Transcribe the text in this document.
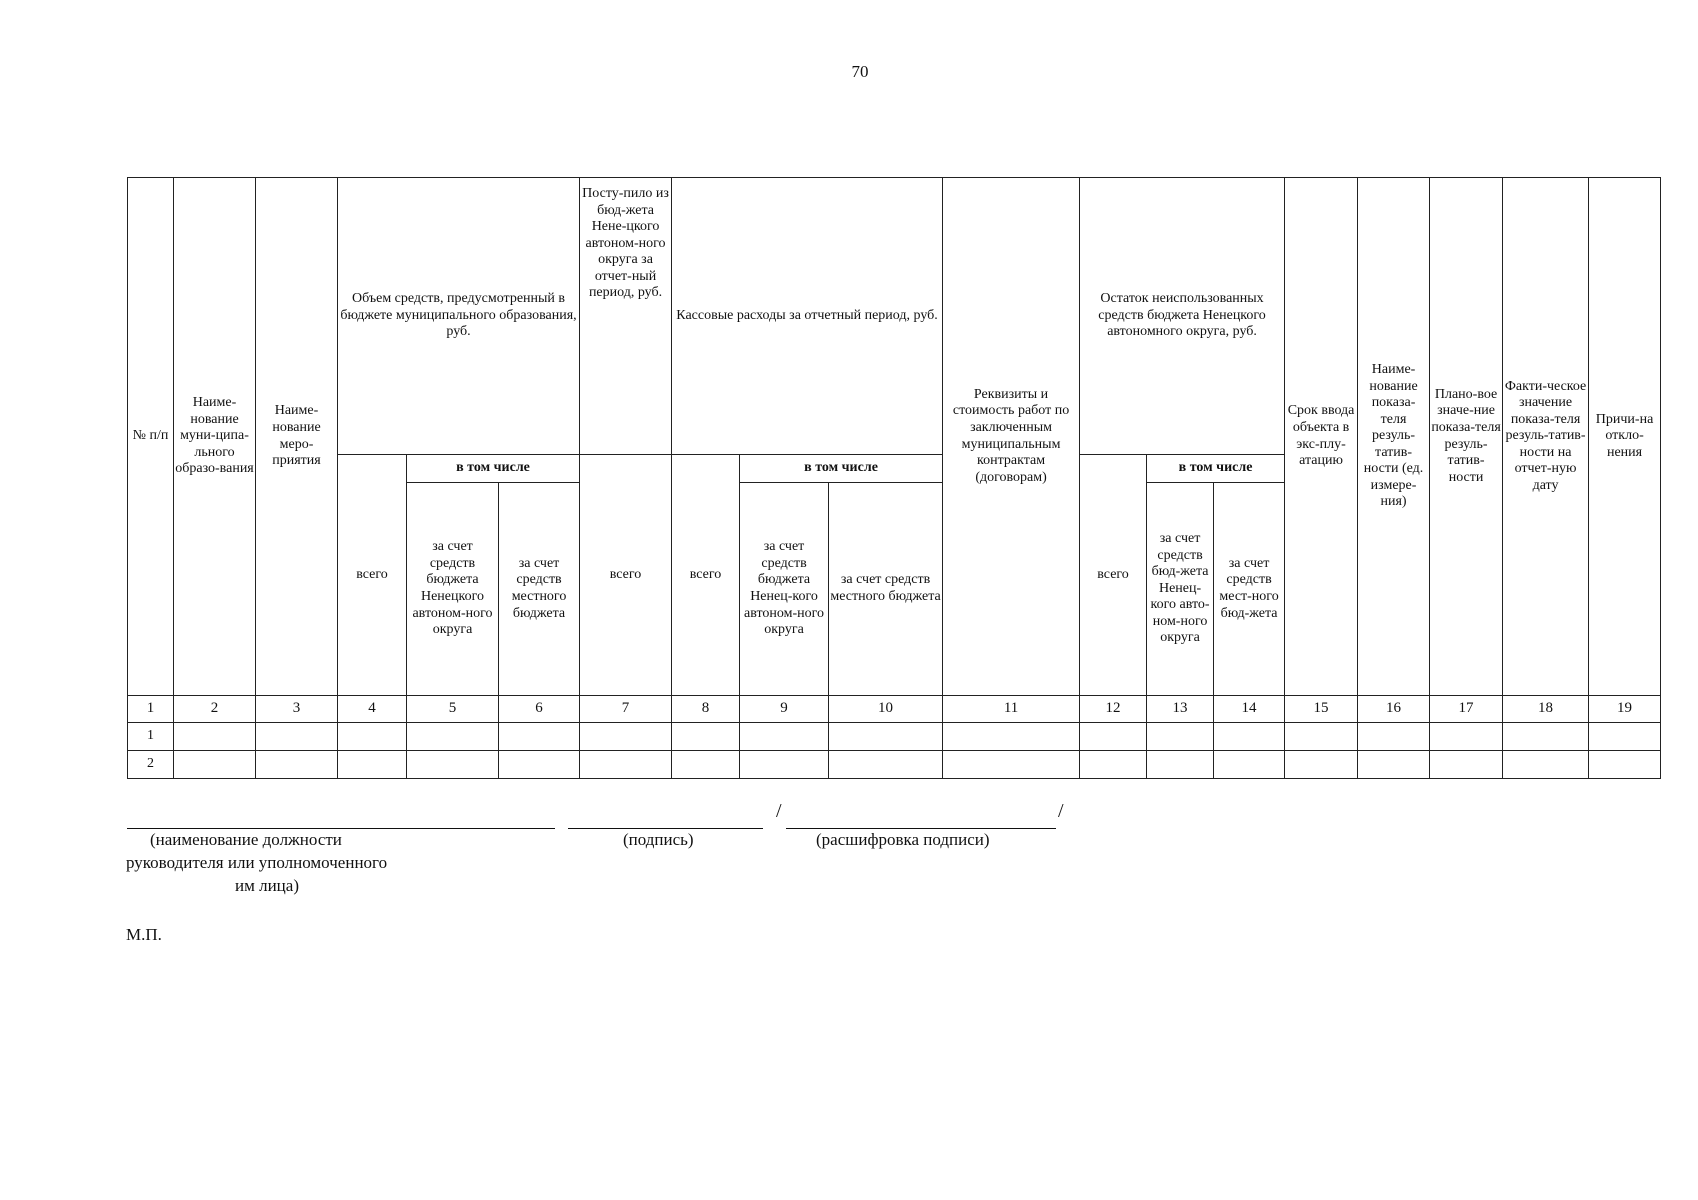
70
№ п/п	Наиме-нование муни-ципа-льного образо-вания	Наиме-нование меро-приятия	Объем средств, предусмотренный в бюджете муниципального образования, руб.			Посту-пило из бюд-жета Нене-цкого автоном-ного округа за отчет-ный период, руб.	Кассовые расходы за отчетный период, руб.			Реквизиты и стоимость работ по заключенным муниципальным контрактам (договорам)	Остаток неиспользованных средств бюджета Ненецкого автономного округа, руб.			Срок ввода объекта в экс-плу-атацию	Наиме-нование показа-теля резуль-татив-ности (ед. измере-ния)	Плано-вое значе-ние показа-теля резуль-татив-ности	Факти-ческое значение показа-теля резуль-татив-ности на отчет-ную дату	Причи-на откло-нения
			всего	в том числе		всего	всего	в том числе			всего	в том числе						
				за счет средств бюджета Ненецкого автоном-ного округа	за счет средств местного бюджета			за счет средств бюджета Ненец-кого автоном-ного округа	за счет средств местного бюджета			за счет средств бюд-жета Ненец-кого авто-ном-ного округа	за счет средств мест-ного бюд-жета					
1	2	3	4	5	6	7	8	9	10	11	12	13	14	15	16	17	18	19
1																		
2																		
/	/
(наименование должности
руководителя или уполномоченного
им лица)
(подпись)	(расшифровка подписи)
М.П.
